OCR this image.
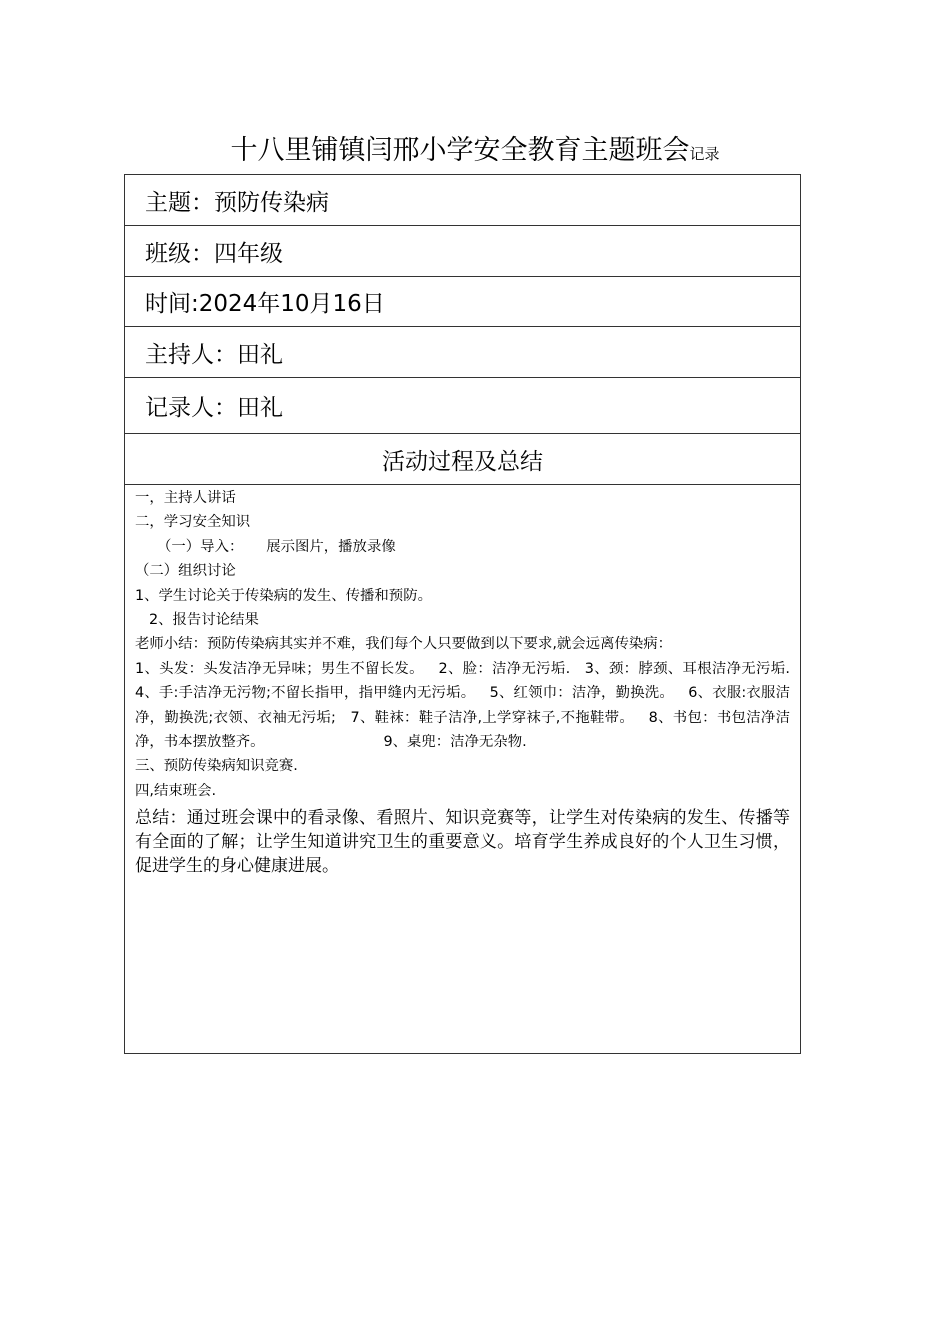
十八里铺镇闫邢小学安全教育主题班会记录
主题：预防传染病
班级：四年级
时间:2024年10月16日
主持人：田礼
记录人：田礼
活动过程及总结

一，主持人讲话

二，学习安全知识

（一）导入：     展示图片，播放录像

（二）组织讨论

1、学生讨论关于传染病的发生、传播和预防。

2、报告讨论结果

老师小结：预防传染病其实并不难，我们每个人只要做到以下要求,就会远离传染病：

1、头发：头发洁净无异味；男生不留长发。   2、脸：洁净无污垢.   3、颈：脖颈、耳根洁净无污垢.   4、手:手洁净无污物;不留长指甲，指甲缝内无污垢。   5、红领巾：洁净，勤换洗。   6、衣服:衣服洁净，勤换洗;衣领、衣袖无污垢;   7、鞋袜：鞋子洁净,上学穿袜子,不拖鞋带。   8、书包：书包洁净洁净，书本摆放整齐。                          9、桌兜：洁净无杂物.

三、预防传染病知识竞赛.

四,结束班会.

总结：通过班会课中的看录像、看照片、知识竞赛等，让学生对传染病的发生、传播等有全面的了解；让学生知道讲究卫生的重要意义。培育学生养成良好的个人卫生习惯，促进学生的身心健康进展。
